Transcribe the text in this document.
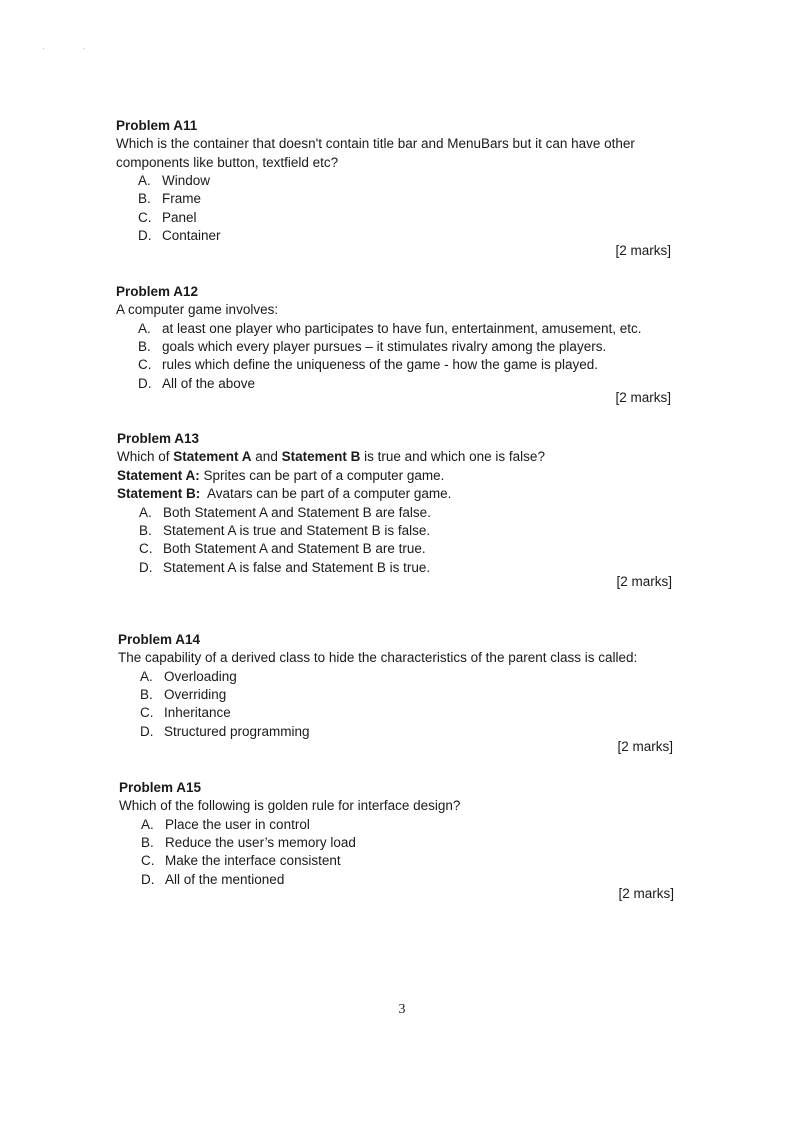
··

Problem A11

Which is the container that doesn't contain title bar and MenuBars but it can have other

components like button, textfield etc?

A. Window
B. Frame
C. Panel
D. Container
[2 marks]

Problem A12

A computer game involves:

A. at least one player who participates to have fun, entertainment, amusement, etc.
B. goals which every player pursues – it stimulates rivalry among the players.
C. rules which define the uniqueness of the game - how the game is played.
D. All of the above
[2 marks]

Problem A13

Which of Statement A and Statement B is true and which one is false?

Statement A: Sprites can be part of a computer game.

Statement B:  Avatars can be part of a computer game.

A. Both Statement A and Statement B are false.
B. Statement A is true and Statement B is false.
C. Both Statement A and Statement B are true.
D. Statement A is false and Statement B is true.
[2 marks]

Problem A14

The capability of a derived class to hide the characteristics of the parent class is called:

A. Overloading
B. Overriding
C. Inheritance
D. Structured programming
[2 marks]

Problem A15

Which of the following is golden rule for interface design?

A. Place the user in control
B. Reduce the user’s memory load
C. Make the interface consistent
D. All of the mentioned
[2 marks]
3
